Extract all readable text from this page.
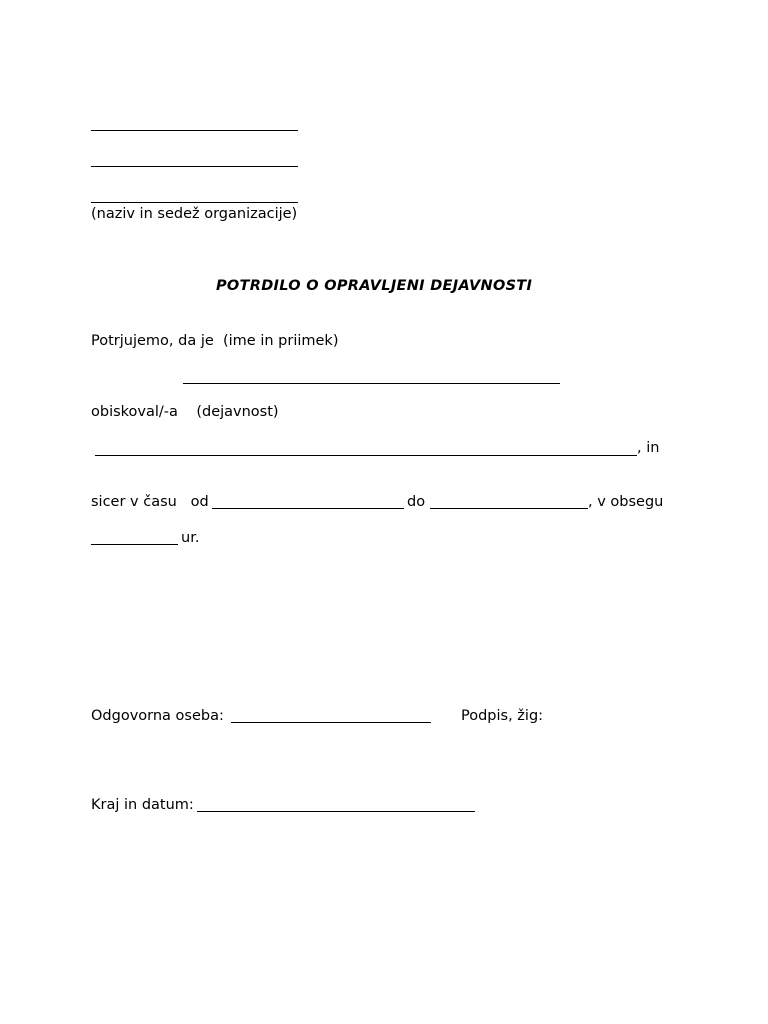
(naziv in sedež organizacije)
POTRDILO O OPRAVLJENI DEJAVNOSTI
Potrjujemo, da je  (ime in priimek)
obiskoval/-a    (dejavnost)
, in
sicer v času   od	do	, v obsegu
ur.
Odgovorna oseba:	Podpis, žig:
Kraj in datum:
